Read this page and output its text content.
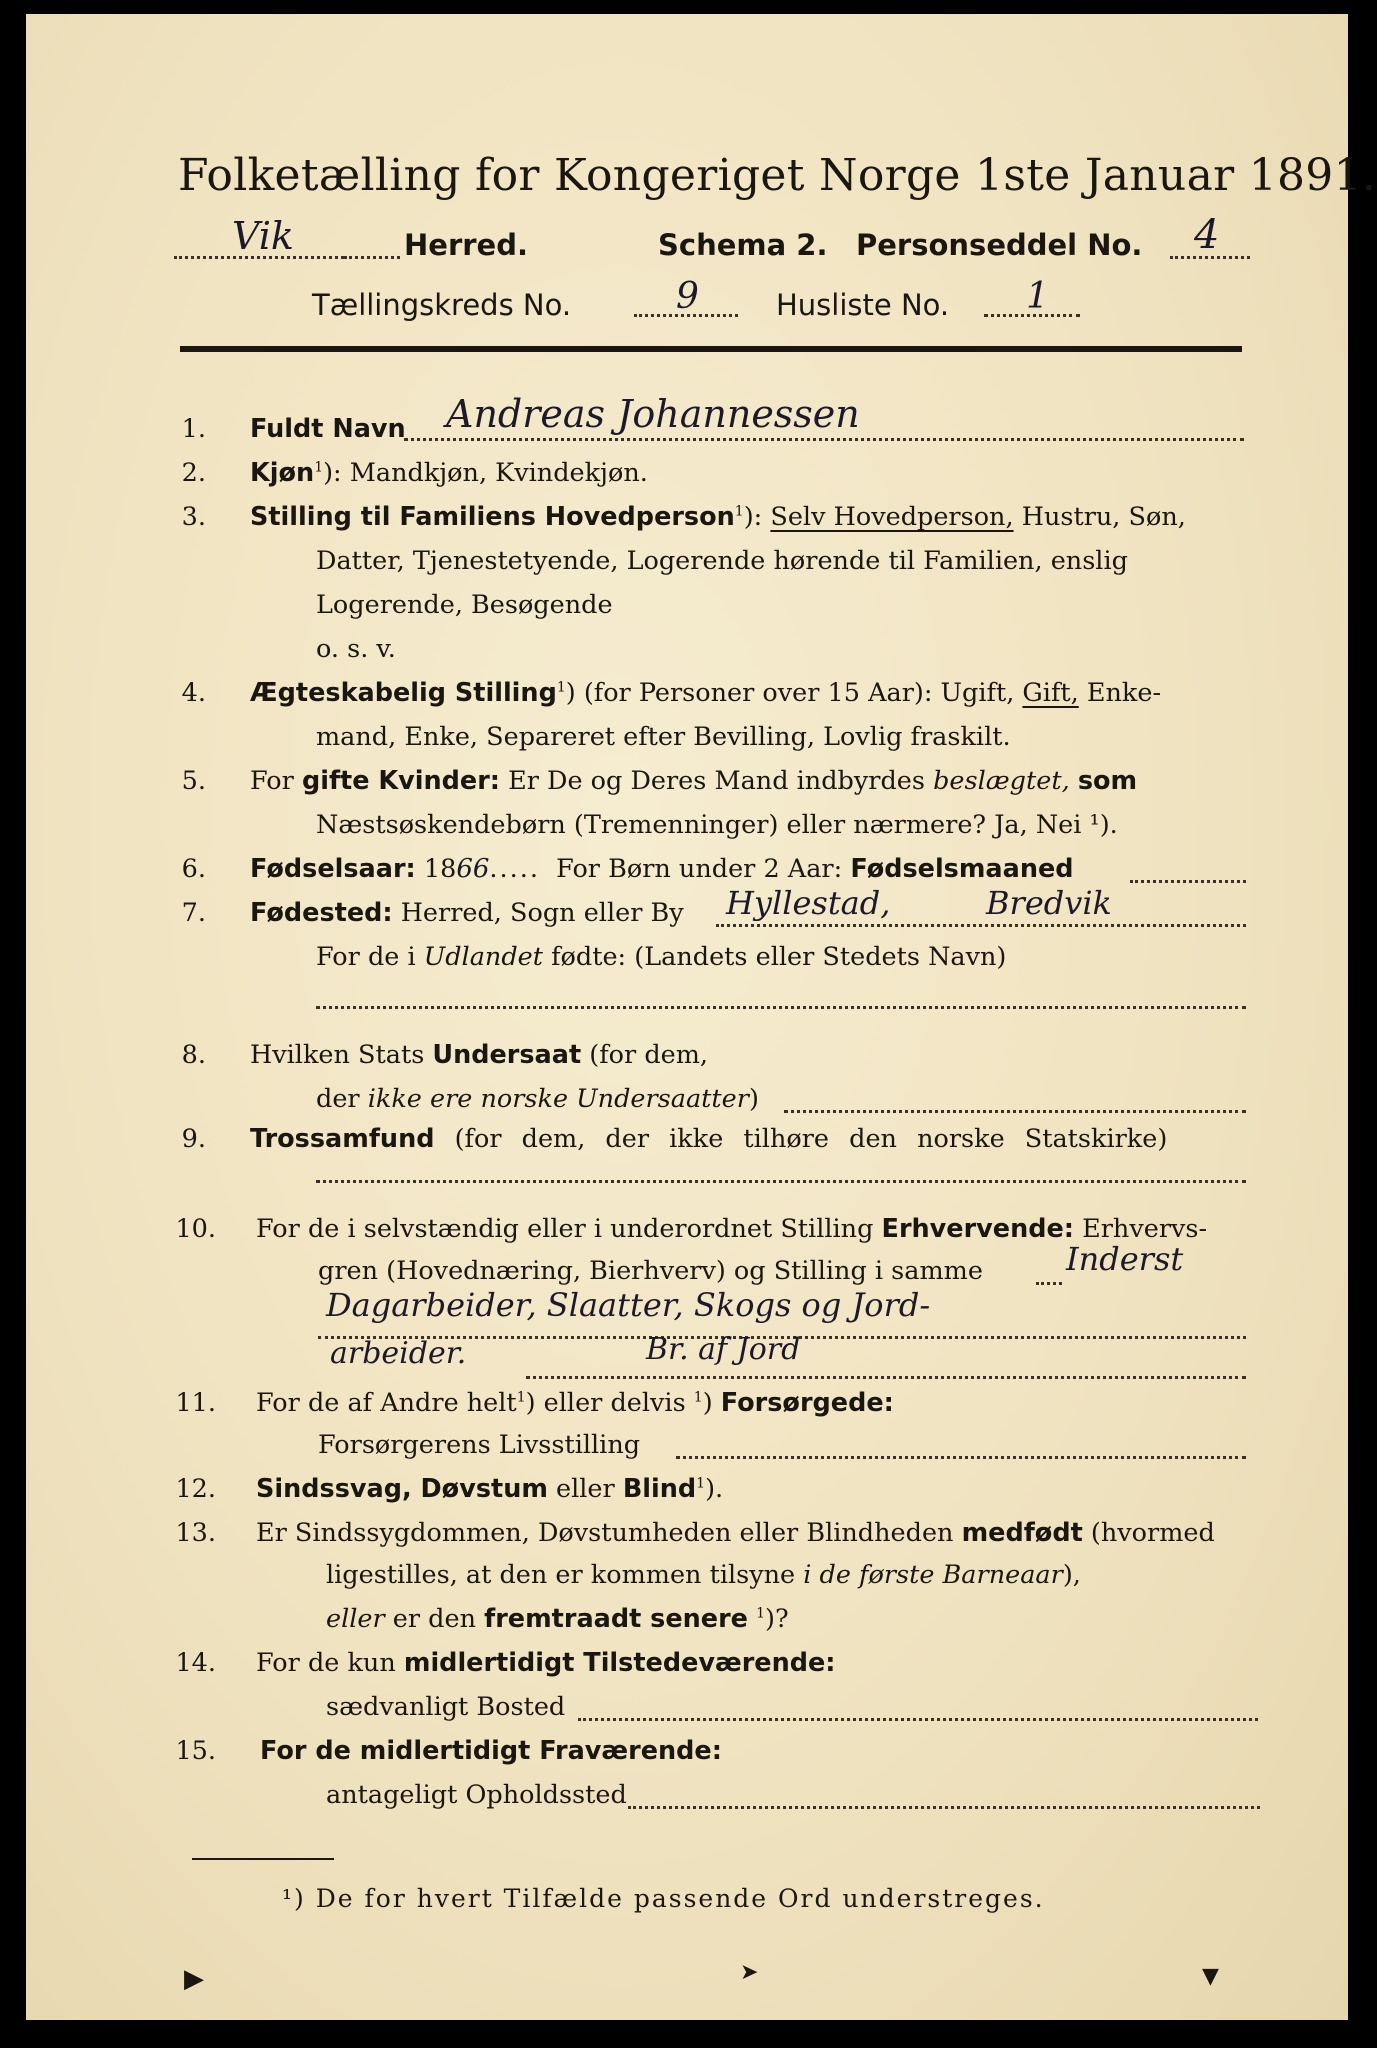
Folketælling for Kongeriget Norge 1ste Januar 1891.
Vik	Herred.	Schema 2. Personseddel No. 4
Tællingskreds No.	9	Husliste No. 1
1. Fuldt Navn Andreas Johannessen
2. Kjøn$^1$): Mandkjøn, Kvindekjøn.
3. Stilling til Familiens Hovedperson$^1$): Selv Hovedperson, Hustru, Søn,
Datter, Tjenestetyende, Logerende hørende til Familien, enslig
Logerende, Besøgende
o. s. v.
4. Ægteskabelig Stilling$^1$) (for Personer over 15 Aar): Ugift, Gift, Enke-
mand, Enke, Separeret efter Bevilling, Lovlig fraskilt.
5. For gifte Kvinder: Er De og Deres Mand indbyrdes beslægtet, som
Næstsøskendebørn (Tremenninger) eller nærmere? Ja, Nei ¹).
6. Fødselsaar: 1866..... For Børn under 2 Aar: Fødselsmaaned
7. Fødested: Herred, Sogn eller By Hyllestad,	Bredvik
For de i Udlandet fødte: (Landets eller Stedets Navn)
8. Hvilken Stats Undersaat (for dem,
der ikke ere norske Undersaatter)
9. Trossamfund (for dem, der ikke tilhøre den norske Statskirke)
10. For de i selvstændig eller i underordnet Stilling Erhvervende: Erhvervs-
gren (Hovednæring, Bierhverv) og Stilling i samme	Inderst
Dagarbeider, Slaatter, Skogs og Jord-
arbeider.	Br. af Jord
11. For de af Andre helt$^1$) eller delvis $^1$) Forsørgede:
Forsørgerens Livsstilling
12. Sindssvag, Døvstum eller Blind$^1$).
13. Er Sindssygdommen, Døvstumheden eller Blindheden medfødt (hvormed
ligestilles, at den er kommen tilsyne i de første Barneaar),
eller er den fremtraadt senere $^1$)?
14. For de kun midlertidigt Tilstedeværende:
sædvanligt Bosted
15. For de midlertidigt Fraværende:
antageligt Opholdssted
¹) De for hvert Tilfælde passende Ord understreges.
▶	➤	▼
